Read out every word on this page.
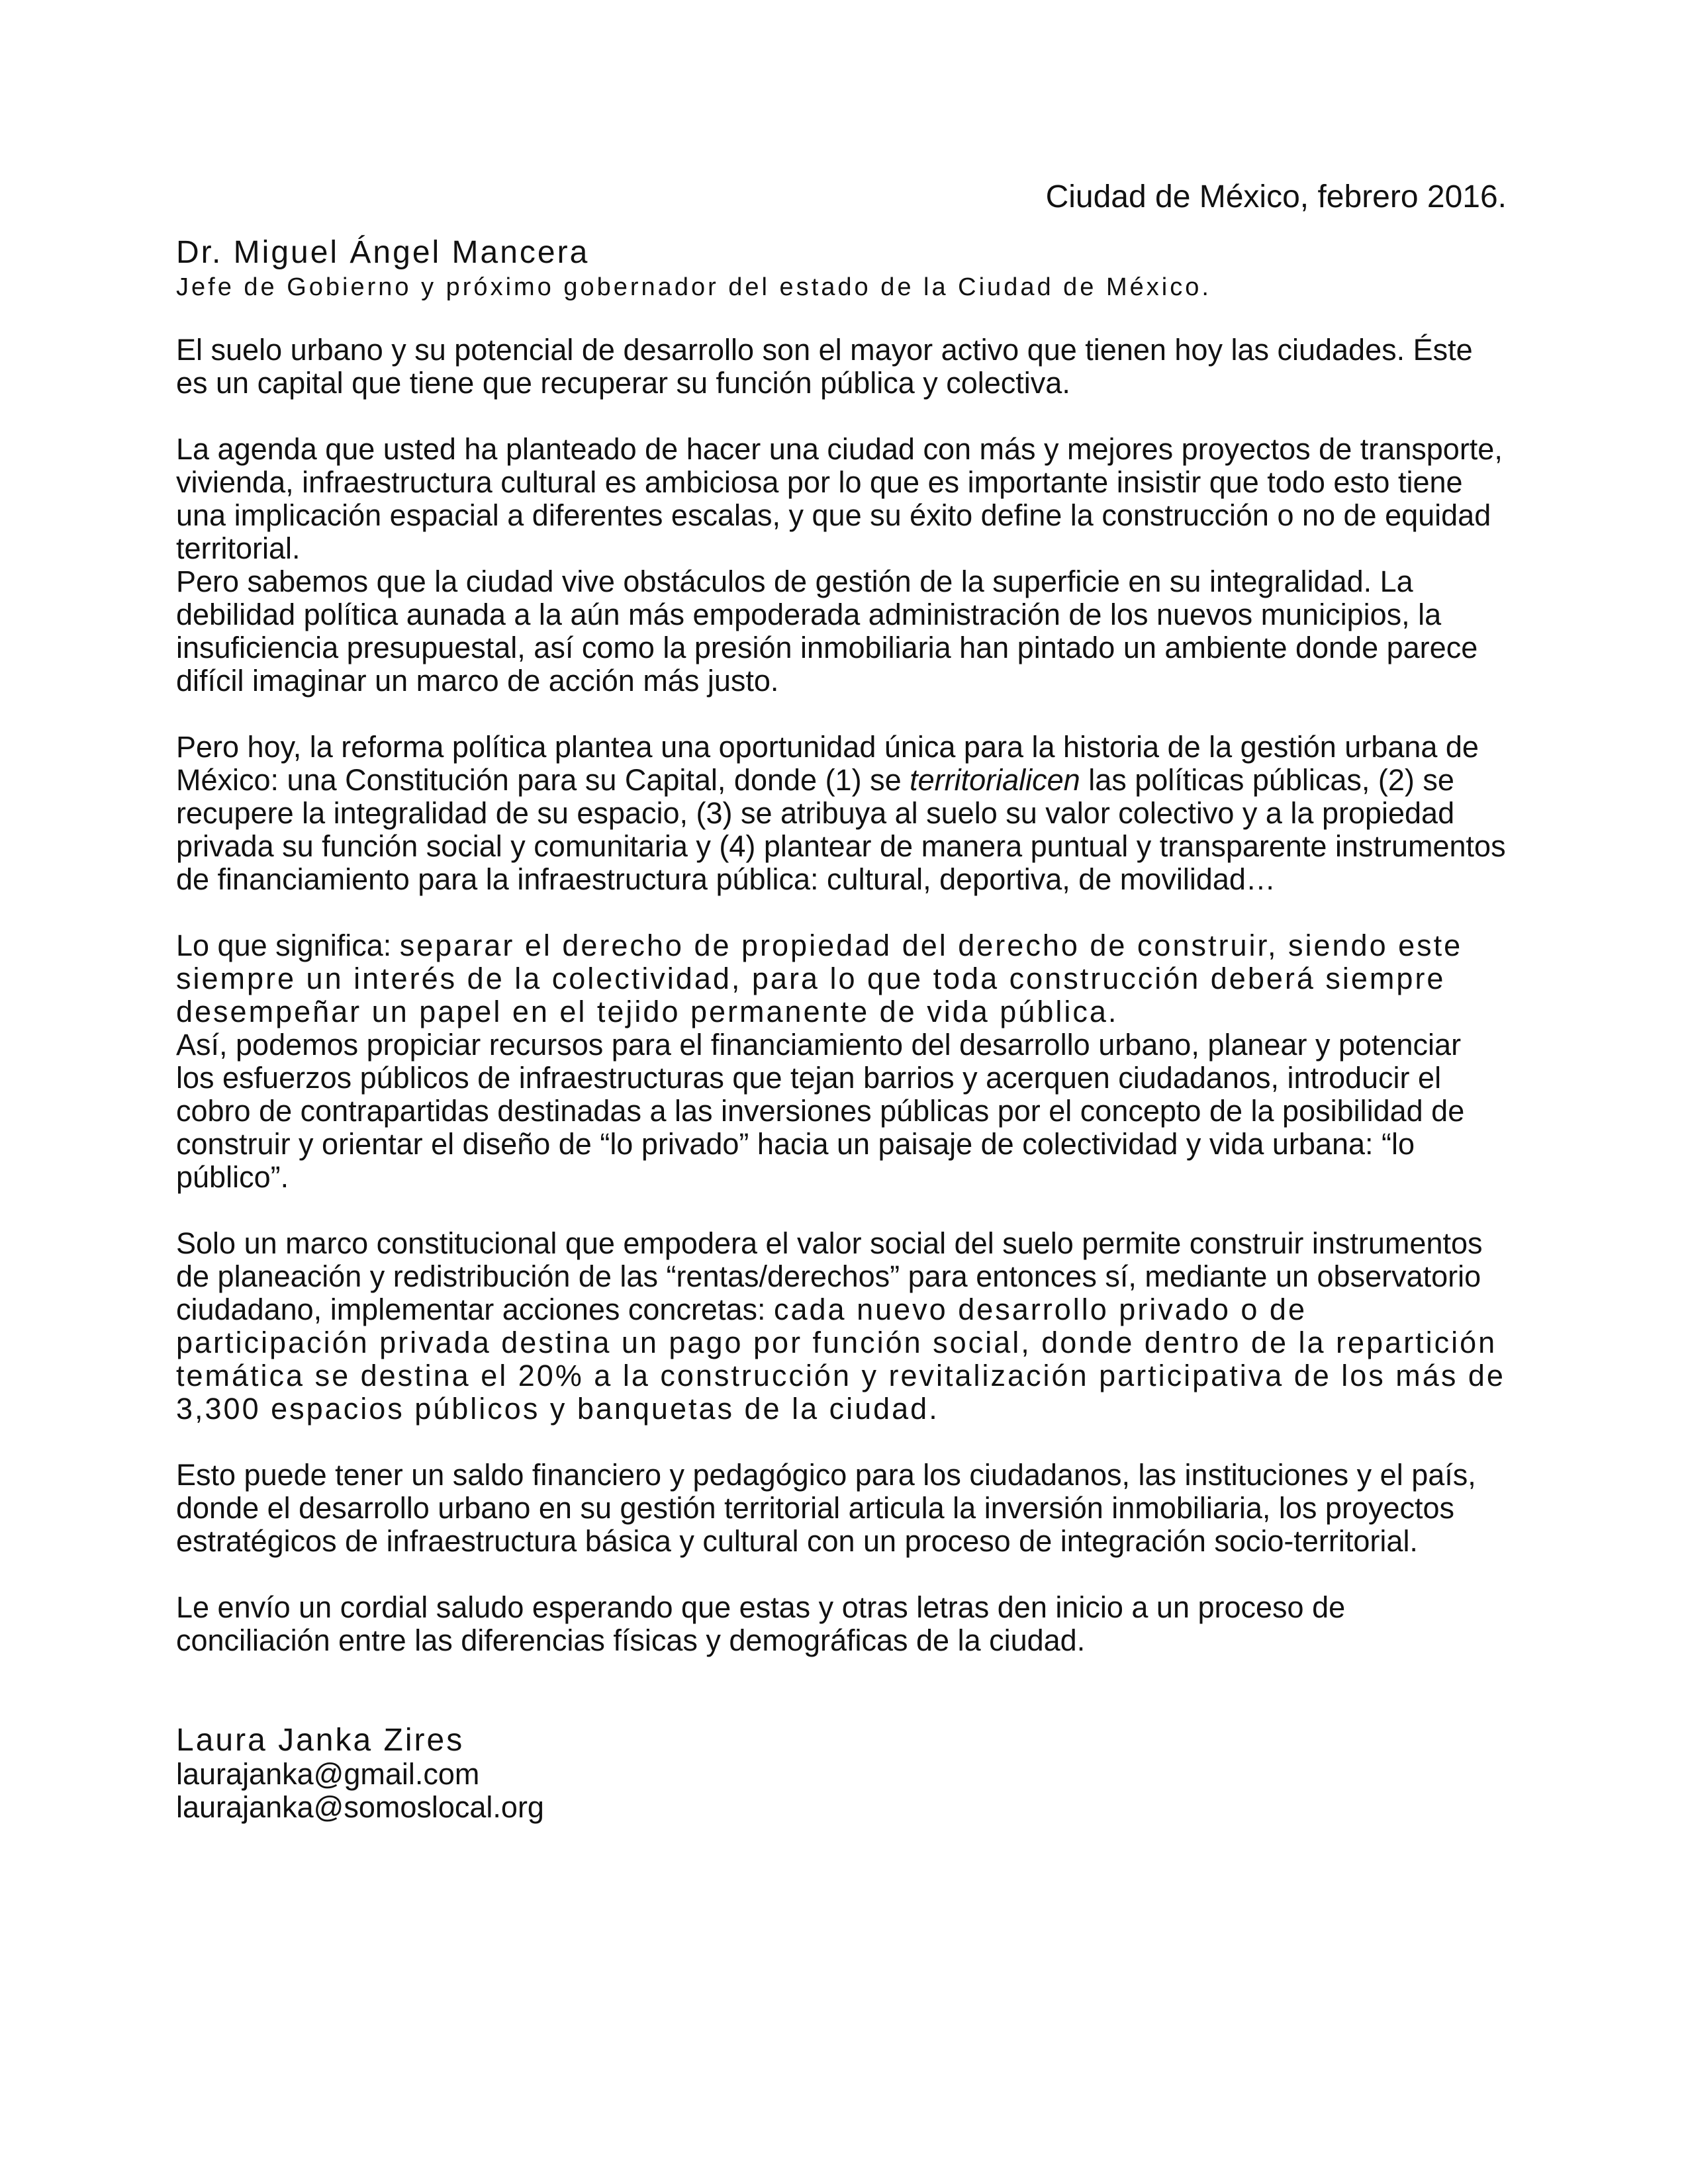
Ciudad de México, febrero 2016.

Dr. Miguel Ángel Mancera

Jefe de Gobierno y próximo gobernador del estado de la Ciudad de México.

El suelo urbano y su potencial de desarrollo son el mayor activo que tienen hoy las ciudades. Éste es un capital que tiene que recuperar su función pública y colectiva.

La agenda que usted ha planteado de hacer una ciudad con más y mejores proyectos de transporte, vivienda, infraestructura cultural es ambiciosa por lo que es importante insistir que todo esto tiene una implicación espacial a diferentes escalas, y que su éxito define la construcción o no de equidad territorial.

Pero sabemos que la ciudad vive obstáculos de gestión de la superficie en su integralidad. La debilidad política aunada a la aún más empoderada administración de los nuevos municipios, la insuficiencia presupuestal, así como la presión inmobiliaria han pintado un ambiente donde parece difícil imaginar un marco de acción más justo.

Pero hoy, la reforma política plantea una oportunidad única para la historia de la gestión urbana de México: una Constitución para su Capital, donde (1) se territorialicen las políticas públicas, (2) se recupere la integralidad de su espacio, (3) se atribuya al suelo su valor colectivo y a la propiedad privada su función social y comunitaria y (4) plantear de manera puntual y transparente instrumentos de financiamiento para la infraestructura pública: cultural, deportiva, de movilidad…

Lo que significa: separar el derecho de propiedad del derecho de construir, siendo este siempre un interés de la colectividad, para lo que toda construcción deberá siempre desempeñar un papel en el tejido permanente de vida pública.

Así, podemos propiciar recursos para el financiamiento del desarrollo urbano, planear y potenciar los esfuerzos públicos de infraestructuras que tejan barrios y acerquen ciudadanos, introducir el cobro de contrapartidas destinadas a las inversiones públicas por el concepto de la posibilidad de construir y orientar el diseño de “lo privado” hacia un paisaje de colectividad y vida urbana: “lo público”.

Solo un marco constitucional que empodera el valor social del suelo permite construir instrumentos de planeación y redistribución de las “rentas/derechos” para entonces sí, mediante un observatorio ciudadano, implementar acciones concretas: cada nuevo desarrollo privado o de participación privada destina un pago por función social, donde dentro de la repartición temática se destina el 20% a la construcción y revitalización participativa de los más de 3,300 espacios públicos y banquetas de la ciudad.

Esto puede tener un saldo financiero y pedagógico para los ciudadanos, las instituciones y el país, donde el desarrollo urbano en su gestión territorial articula la inversión inmobiliaria, los proyectos estratégicos de infraestructura básica y cultural con un proceso de integración socio-territorial.

Le envío un cordial saludo esperando que estas y otras letras den inicio a un proceso de conciliación entre las diferencias físicas y demográficas de la ciudad.

Laura Janka Zires

laurajanka@gmail.com

laurajanka@somoslocal.org
